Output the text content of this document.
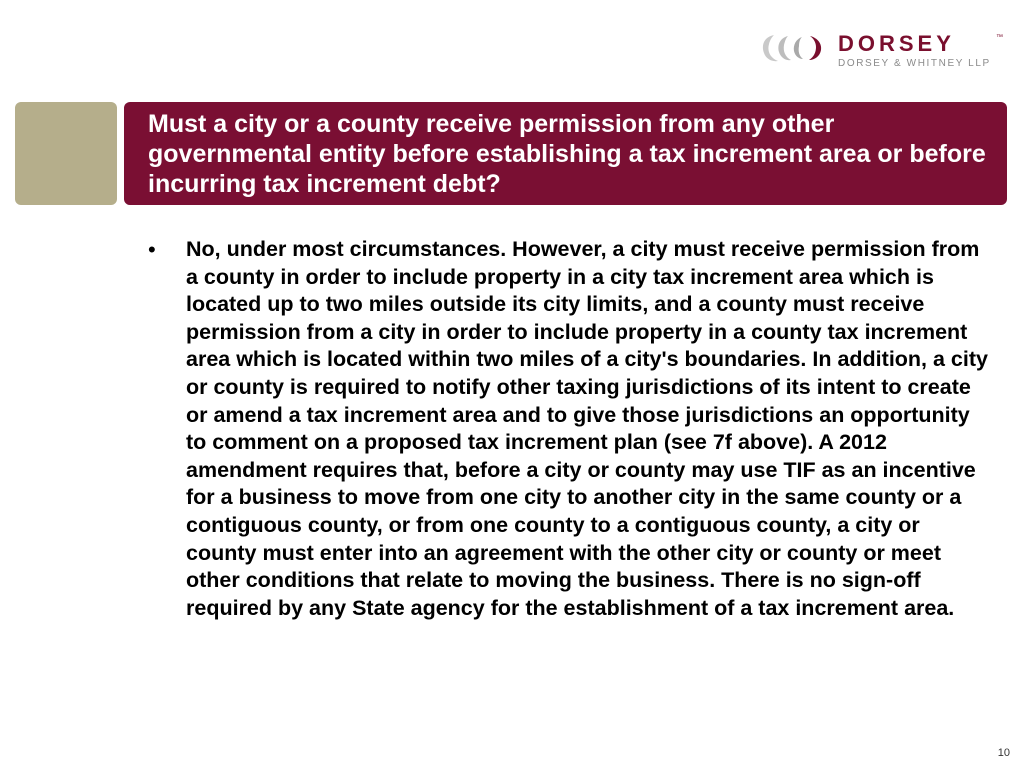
DORSEY	™
DORSEY & WHITNEY LLP
Must a city or a county receive permission from any other governmental entity before establishing a tax increment area or before incurring tax increment debt?
• No, under most circumstances. However, a city must receive permission from a county in order to include property in a city tax increment area which is located up to two miles outside its city limits, and a county must receive permission from a city in order to include property in a county tax increment area which is located within two miles of a city's boundaries. In addition, a city or county is required to notify other taxing jurisdictions of its intent to create or amend a tax increment area and to give those jurisdictions an opportunity to comment on a proposed tax increment plan (see 7f above). A 2012 amendment requires that, before a city or county may use TIF as an incentive for a business to move from one city to another city in the same county or a contiguous county, or from one county to a contiguous county, a city or county must enter into an agreement with the other city or county or meet other conditions that relate to moving the business. There is no sign-off required by any State agency for the establishment of a tax increment area.

10
